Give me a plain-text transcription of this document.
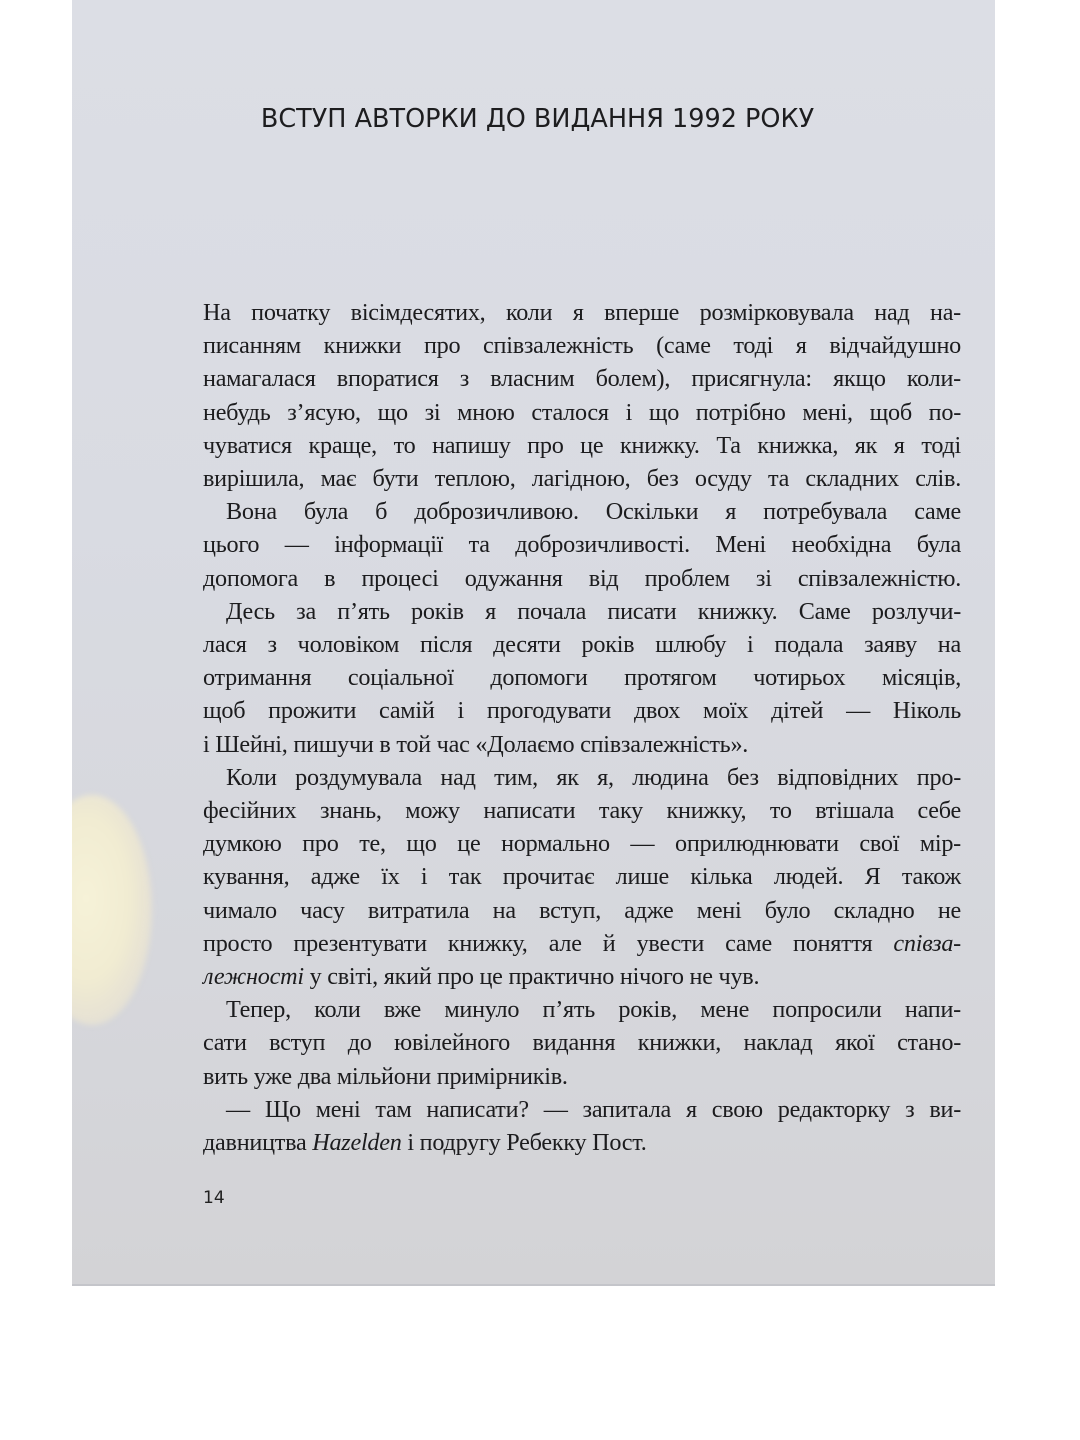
ВСТУП АВТОРКИ ДО ВИДАННЯ 1992 РОКУ

На початку вісімдесятих, коли я вперше розмірковувала над на-
писанням книжки про співзалежність (саме тоді я відчайдушно
намагалася впоратися з власним болем), присягнула: якщо коли-
небудь з’ясую, що зі мною сталося і що потрібно мені, щоб по-
чуватися краще, то напишу про це книжку. Та книжка, як я тоді
вирішила, має бути теплою, лагідною, без осуду та складних слів.

Вона була б доброзичливою. Оскільки я потребувала саме
цього — інформації та доброзичливості. Мені необхідна була
допомога в процесі одужання від проблем зі співзалежністю.

Десь за п’ять років я почала писати книжку. Саме розлучи-
лася з чоловіком після десяти років шлюбу і подала заяву на
отримання соціальної допомоги протягом чотирьох місяців,
щоб прожити самій і прогодувати двох моїх дітей — Ніколь
і Шейні, пишучи в той час «Долаємо співзалежність».

Коли роздумувала над тим, як я, людина без відповідних про-
фесійних знань, можу написати таку книжку, то втішала себе
думкою про те, що це нормально — оприлюднювати свої мір-
кування, адже їх і так прочитає лише кілька людей. Я також
чимало часу витратила на вступ, адже мені було складно не
просто презентувати книжку, але й увести саме поняття співза-
лежності у світі, який про це практично нічого не чув.

Тепер, коли вже минуло п’ять років, мене попросили напи-
сати вступ до ювілейного видання книжки, наклад якої стано-
вить уже два мільйони примірників.

— Що мені там написати? — запитала я свою редакторку з ви-
давництва Hazelden і подругу Ребекку Пост.

14
